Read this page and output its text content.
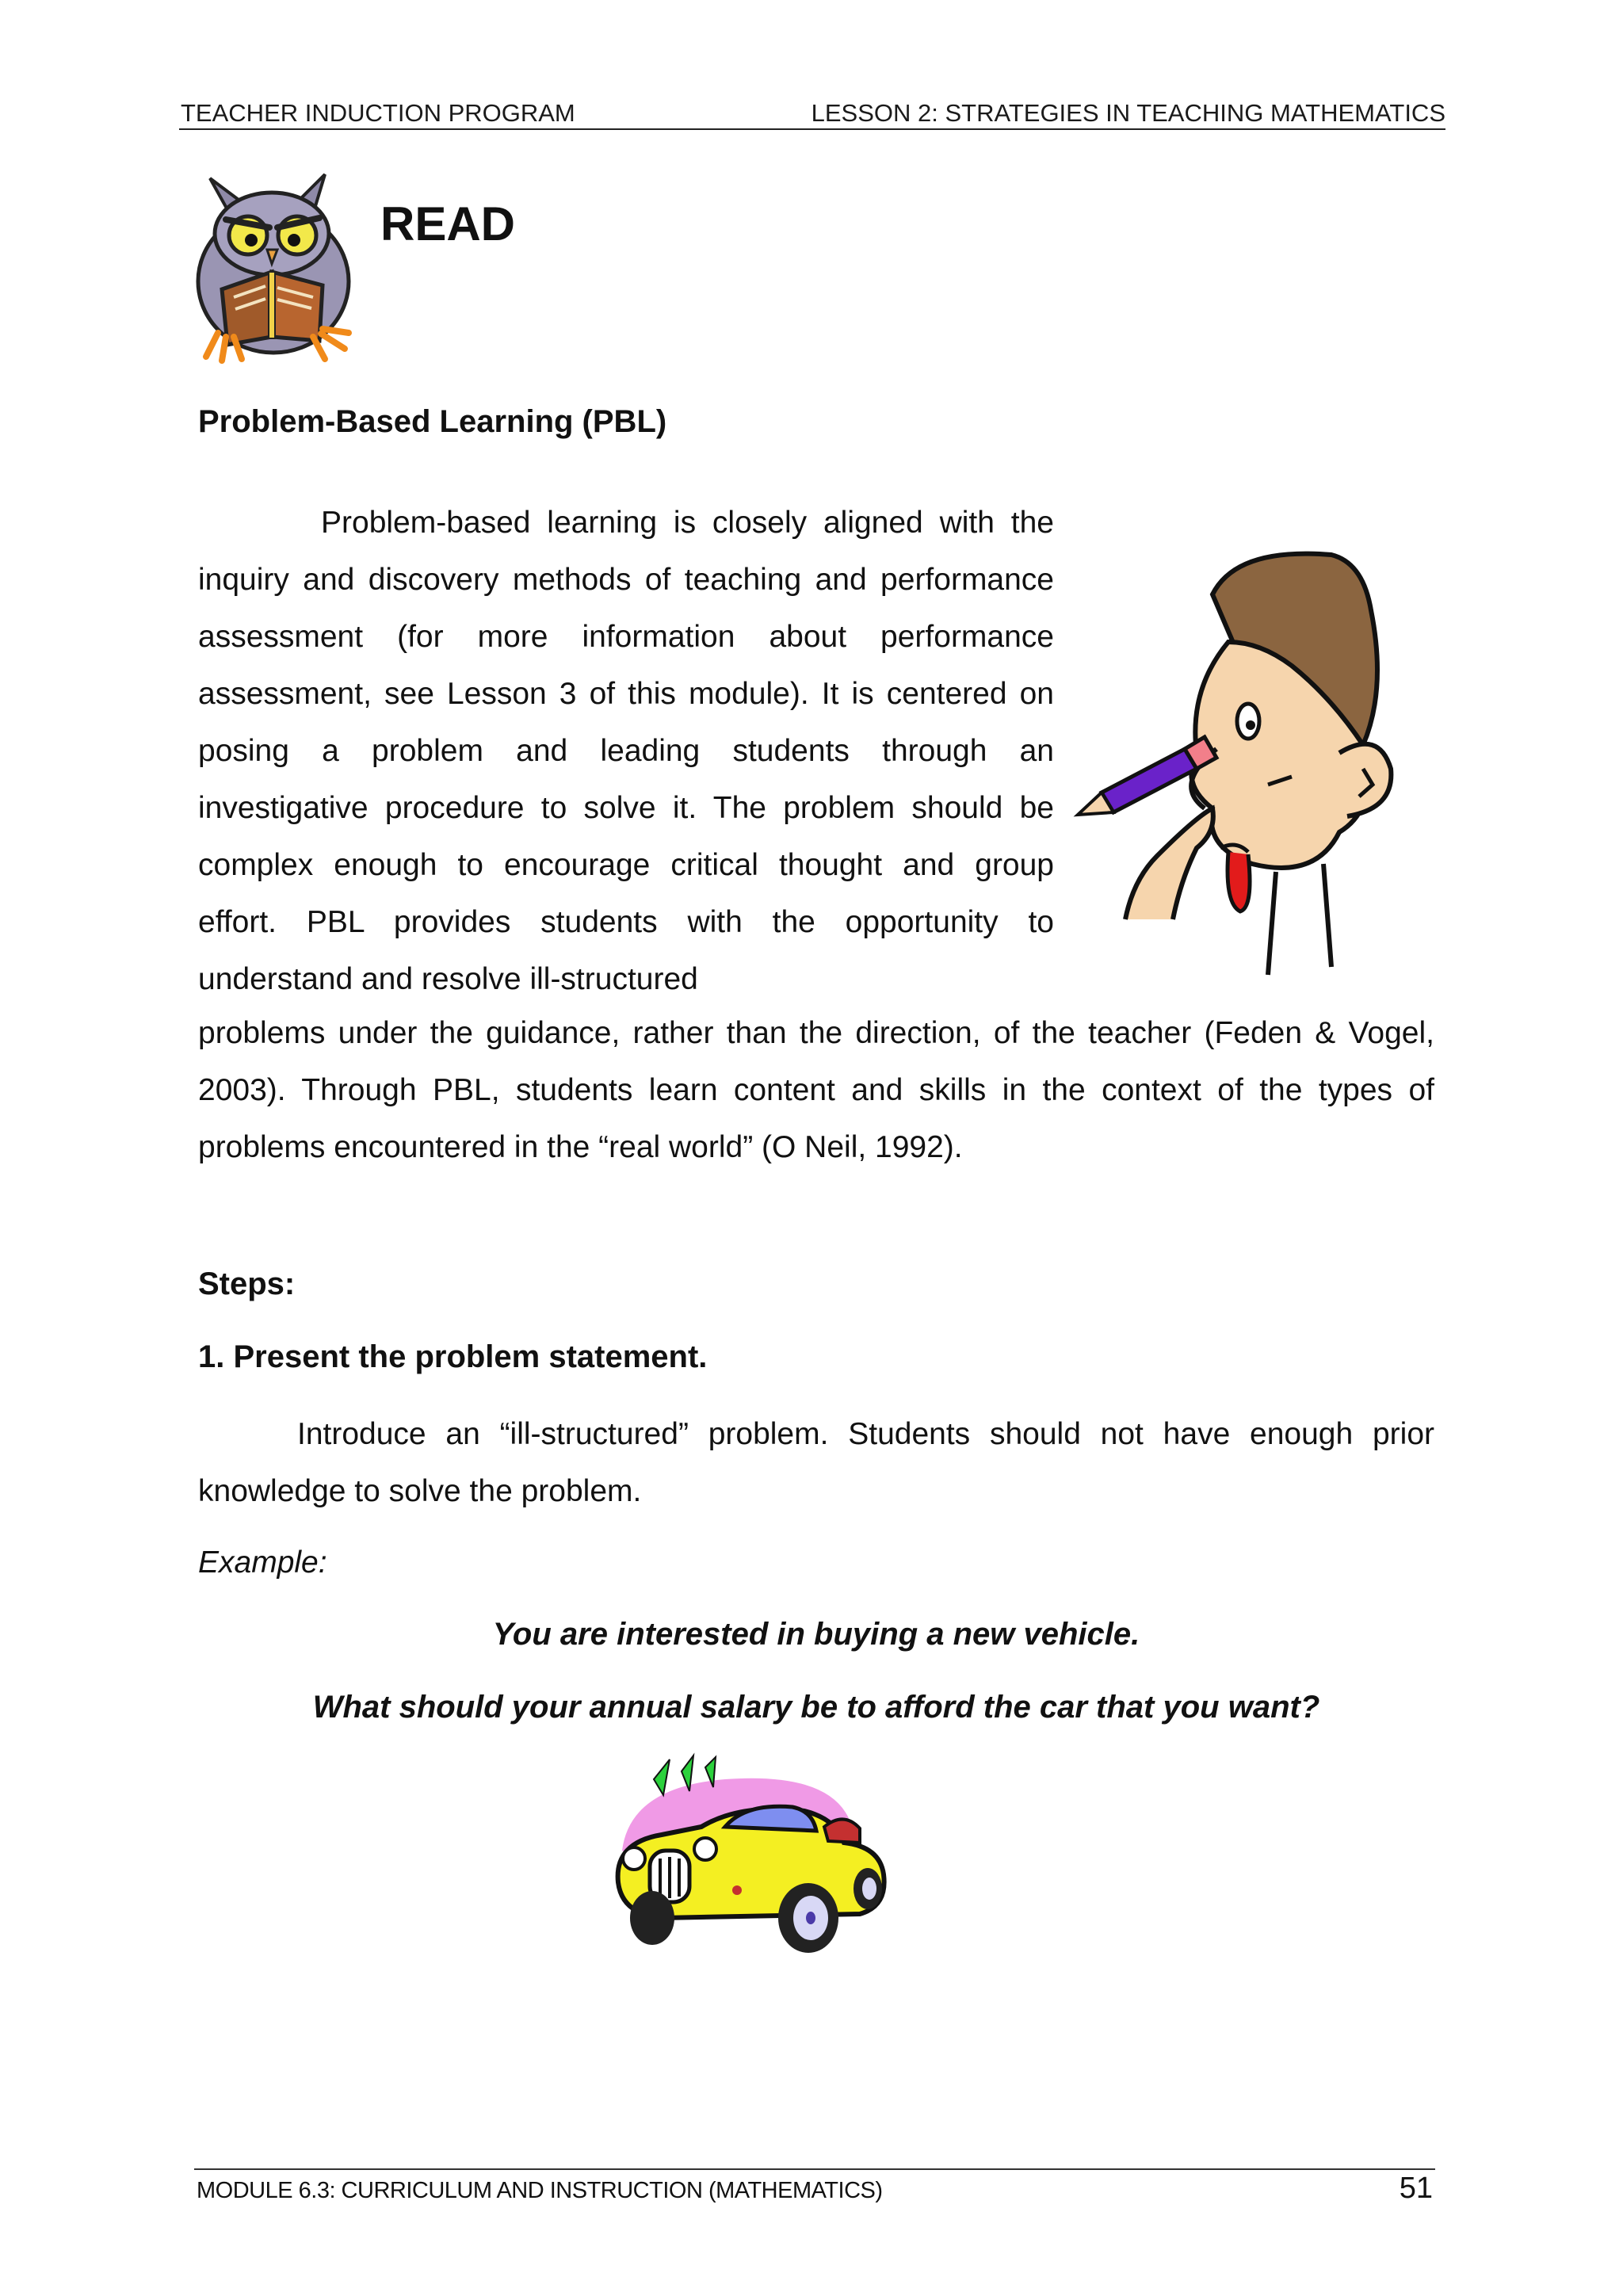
TEACHER INDUCTION PROGRAM	LESSON 2: STRATEGIES IN TEACHING MATHEMATICS
READ
Problem-Based Learning (PBL)
Problem-based learning is closely aligned with the inquiry and discovery methods of teaching and performance assessment (for more information about performance assessment, see Lesson 3 of this module). It is centered on posing a problem and leading students through an investigative procedure to solve it. The problem should be complex enough to encourage critical thought and group effort. PBL provides students with the opportunity to understand and resolve ill-structured
problems under the guidance, rather than the direction, of the teacher (Feden & Vogel, 2003). Through PBL, students learn content and skills in the context of the types of problems encountered in the “real world” (O Neil, 1992).
Steps:
1. Present the problem statement.
Introduce an “ill-structured” problem. Students should not have enough prior knowledge to solve the problem.
Example:
You are interested in buying a new vehicle.
What should your annual salary be to afford the car that you want?
MODULE 6.3: CURRICULUM AND INSTRUCTION (MATHEMATICS)	51
